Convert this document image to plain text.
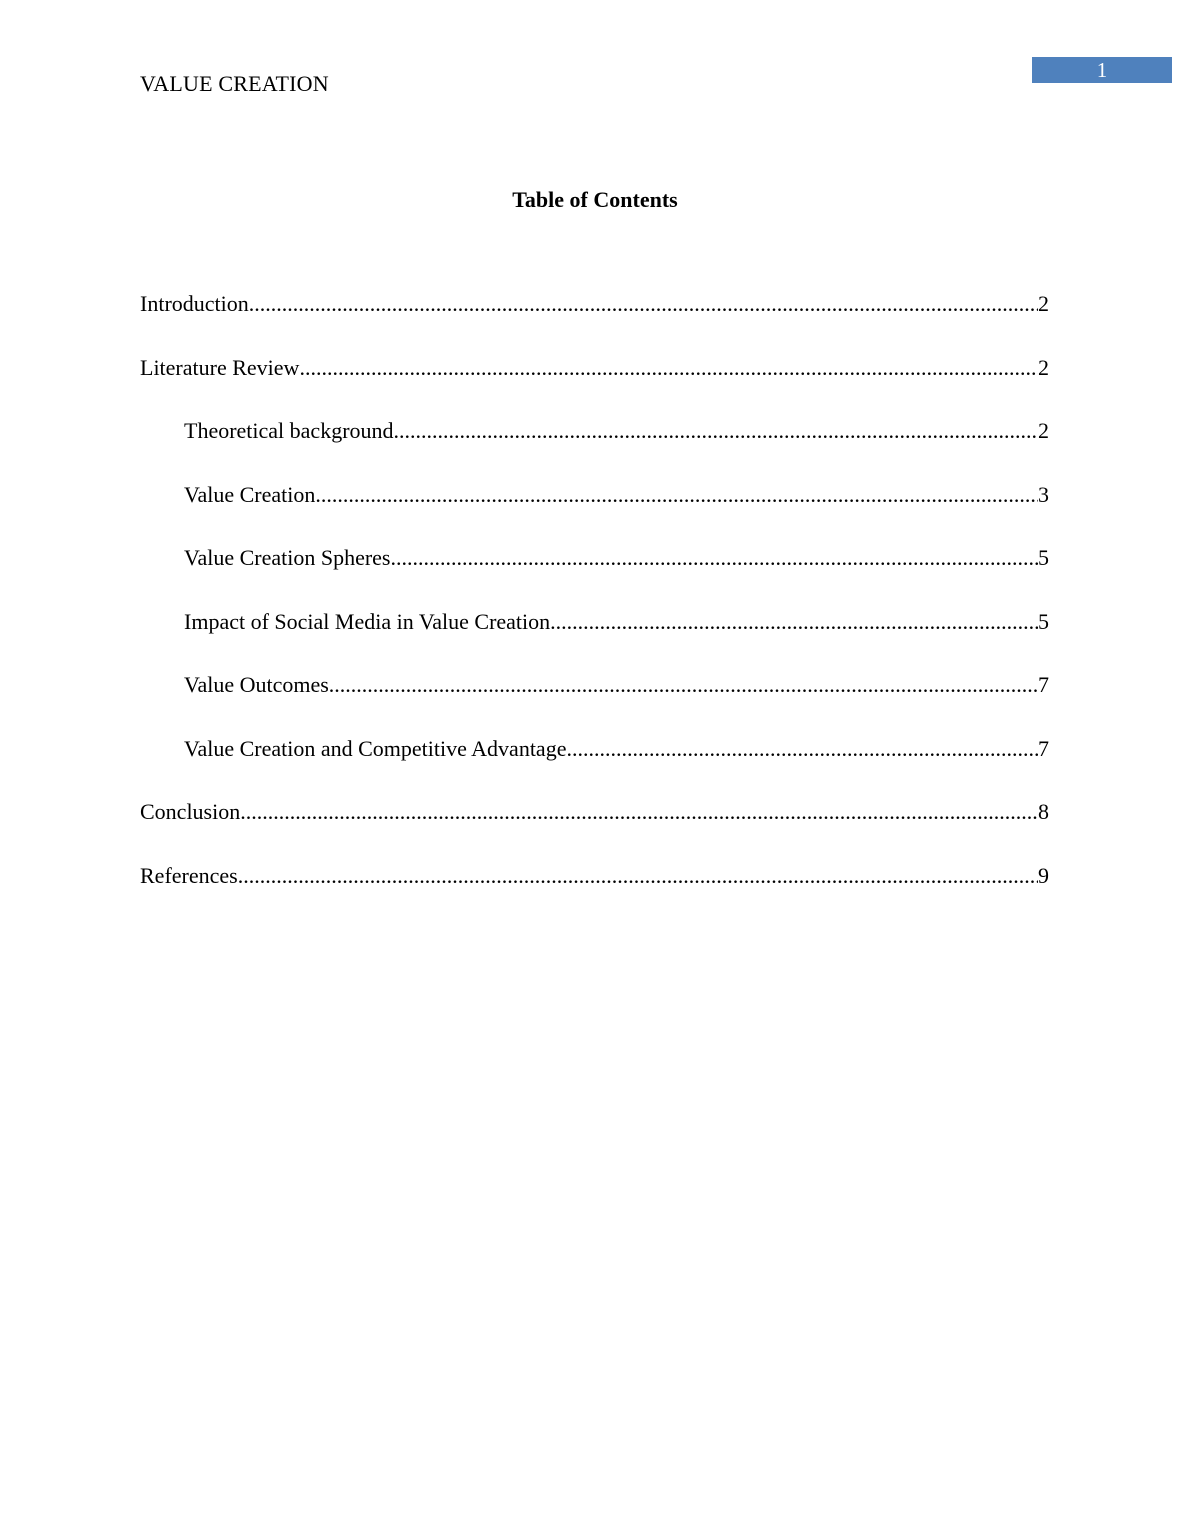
VALUE CREATION
1
Table of Contents
Introduction .....	2
Literature Review .....	2
Theoretical background .....	2
Value Creation .....	3
Value Creation Spheres .....	5
Impact of Social Media in Value Creation .....	5
Value Outcomes .....	7
Value Creation and Competitive Advantage .....	7
Conclusion .....	8
References .....	9
